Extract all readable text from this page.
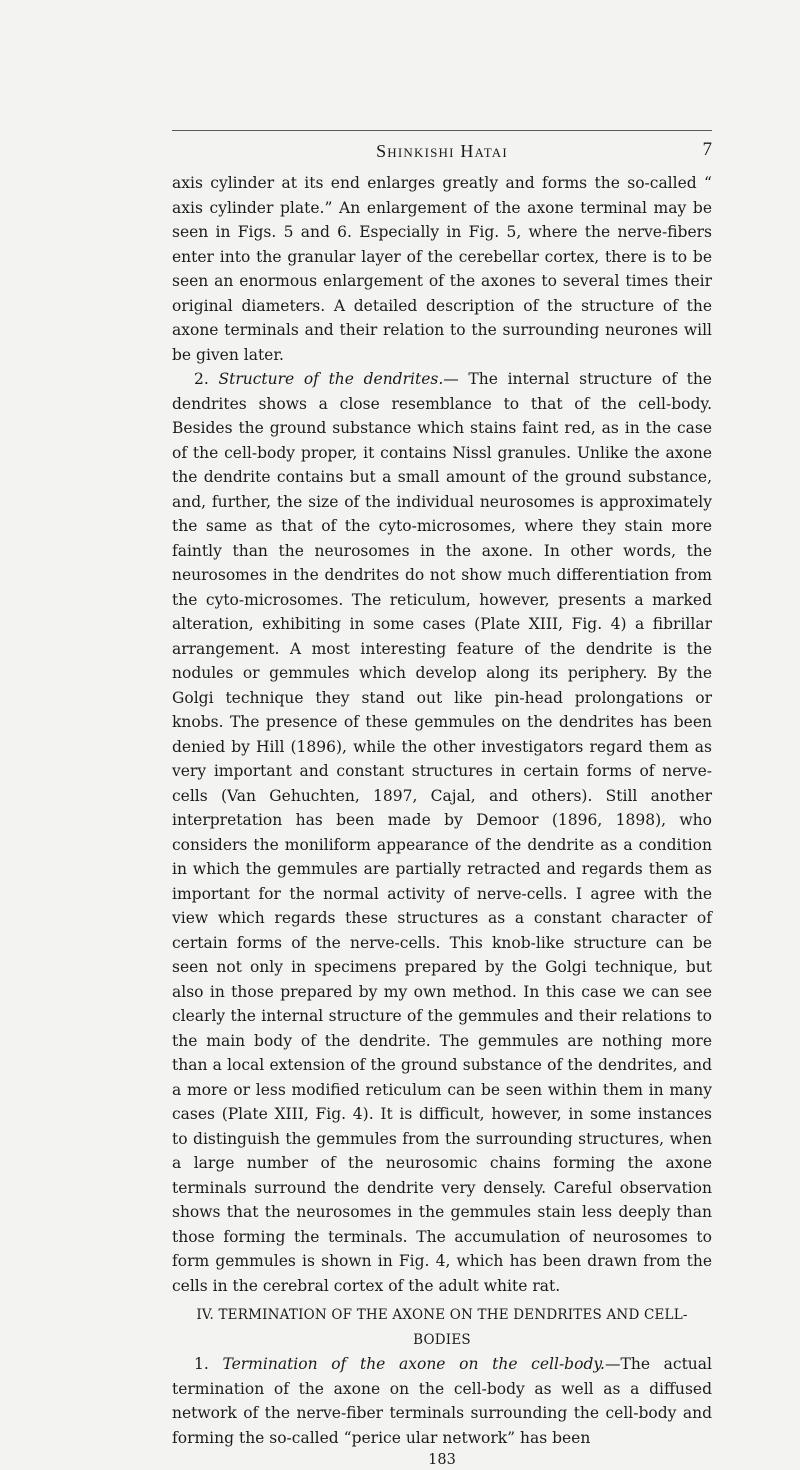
Shinkishi Hatai	7

axis cylinder at its end enlarges greatly and forms the so-called “ axis cylinder plate.” An enlargement of the axone terminal may be seen in Figs. 5 and 6. Especially in Fig. 5, where the nerve-fibers enter into the granular layer of the cerebellar cortex, there is to be seen an enormous enlargement of the axones to several times their original diameters. A detailed description of the structure of the axone terminals and their relation to the surrounding neurones will be given later.

2. Structure of the dendrites.— The internal structure of the dendrites shows a close resemblance to that of the cell-body. Besides the ground substance which stains faint red, as in the case of the cell-body proper, it contains Nissl granules. Unlike the axone the dendrite contains but a small amount of the ground substance, and, further, the size of the individual neurosomes is approximately the same as that of the cyto-microsomes, where they stain more faintly than the neurosomes in the axone. In other words, the neurosomes in the dendrites do not show much differentiation from the cyto-microsomes. The reticulum, however, presents a marked alteration, exhibiting in some cases (Plate XIII, Fig. 4) a fibrillar arrangement. A most interesting feature of the dendrite is the nodules or gemmules which develop along its periphery. By the Golgi technique they stand out like pin-head prolongations or knobs. The presence of these gemmules on the dendrites has been denied by Hill (1896), while the other investigators regard them as very important and constant structures in certain forms of nerve-cells (Van Gehuchten, 1897, Cajal, and others). Still another interpretation has been made by Demoor (1896, 1898), who considers the moniliform appearance of the dendrite as a condition in which the gemmules are partially retracted and regards them as important for the normal activity of nerve-cells. I agree with the view which regards these structures as a constant character of certain forms of the nerve-cells. This knob-like structure can be seen not only in specimens prepared by the Golgi technique, but also in those prepared by my own method. In this case we can see clearly the internal structure of the gemmules and their relations to the main body of the dendrite. The gemmules are nothing more than a local extension of the ground substance of the dendrites, and a more or less modified reticulum can be seen within them in many cases (Plate XIII, Fig. 4). It is difficult, however, in some instances to distinguish the gemmules from the surrounding structures, when a large number of the neurosomic chains forming the axone terminals surround the dendrite very densely. Careful observation shows that the neurosomes in the gemmules stain less deeply than those forming the terminals. The accumulation of neurosomes to form gemmules is shown in Fig. 4, which has been drawn from the cells in the cerebral cortex of the adult white rat.

IV. TERMINATION OF THE AXONE ON THE DENDRITES AND CELL-BODIES

1. Termination of the axone on the cell-body.—The actual termination of the axone on the cell-body as well as a diffused network of the nerve-fiber terminals surrounding the cell-body and forming the so-called “perice ular network” has been

183
